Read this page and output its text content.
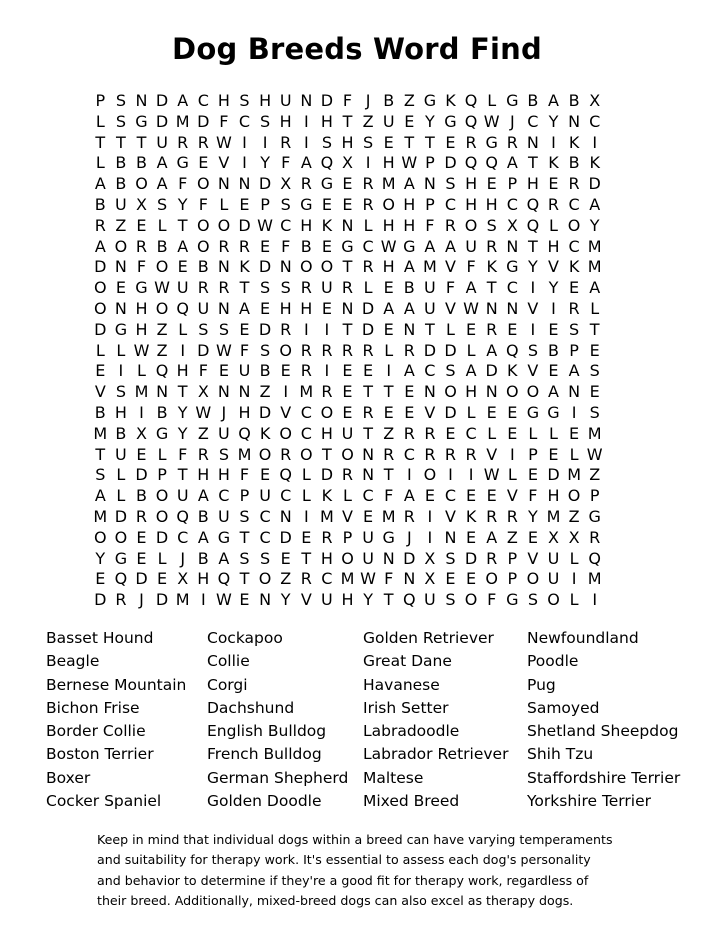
Dog Breeds Word Find
P S N D A C H S H U N D F J B Z G K Q L G B A B X
L S G D M D F C S H I H T Z U E Y G Q W J C Y N C
T T T U R R W I I R I S H S E T T E R G R N I K I
L B B A G E V I Y F A Q X I H W P D Q Q A T K B K
A B O A F O N N D X R G E R M A N S H E P H E R D
B U X S Y F L E P S G E E R O H P C H H C Q R C A
R Z E L T O O D W C H K N L H H F R O S X Q L O Y
A O R B A O R R E F B E G C W G A A U R N T H C M
D N F O E B N K D N O O T R H A M V F K G Y V K M
O E G W U R R T S S R U R L E B U F A T C I Y E A
O N H O Q U N A E H H E N D A A U V W N N V I R L
D G H Z L S S E D R I I T D E N T L E R E I E S T
L L W Z I D W F S O R R R R L R D D L A Q S B P E
E I L Q H F E U B E R I E E I A C S A D K V E A S
V S M N T X N N Z I M R E T T E N O H N O O A N E
B H I B Y W J H D V C O E R E E V D L E E G G I S
M B X G Y Z U Q K O C H U T Z R R E C L E L L E M
T U E L F R S M O R O T O N R C R R R V I P E L W
S L D P T H H F E Q L D R N T I O I I W L E D M Z
A L B O U A C P U C L K L C F A E C E E V F H O P
M D R O Q B U S C N I M V E M R I V K R R Y M Z G
O O E D C A G T C D E R P U G J I N E A Z E X X R
Y G E L J B A S S E T H O U N D X S D R P V U L Q
E Q D E X H Q T O Z R C M W F N X E E O P O U I M
D R J D M I W E N Y V U H Y T Q U S O F G S O L I
Basset Hound
Beagle
Bernese Mountain
Bichon Frise
Border Collie
Boston Terrier
Boxer
Cocker Spaniel
Cockapoo
Collie
Corgi
Dachshund
English Bulldog
French Bulldog
German Shepherd
Golden Doodle
Golden Retriever
Great Dane
Havanese
Irish Setter
Labradoodle
Labrador Retriever
Maltese
Mixed Breed
Newfoundland
Poodle
Pug
Samoyed
Shetland Sheepdog
Shih Tzu
Staffordshire Terrier
Yorkshire Terrier

Keep in mind that individual dogs within a breed can have varying temperaments

and suitability for therapy work. It's essential to assess each dog's personality

and behavior to determine if they're a good fit for therapy work, regardless of

their breed. Additionally, mixed-breed dogs can also excel as therapy dogs.
